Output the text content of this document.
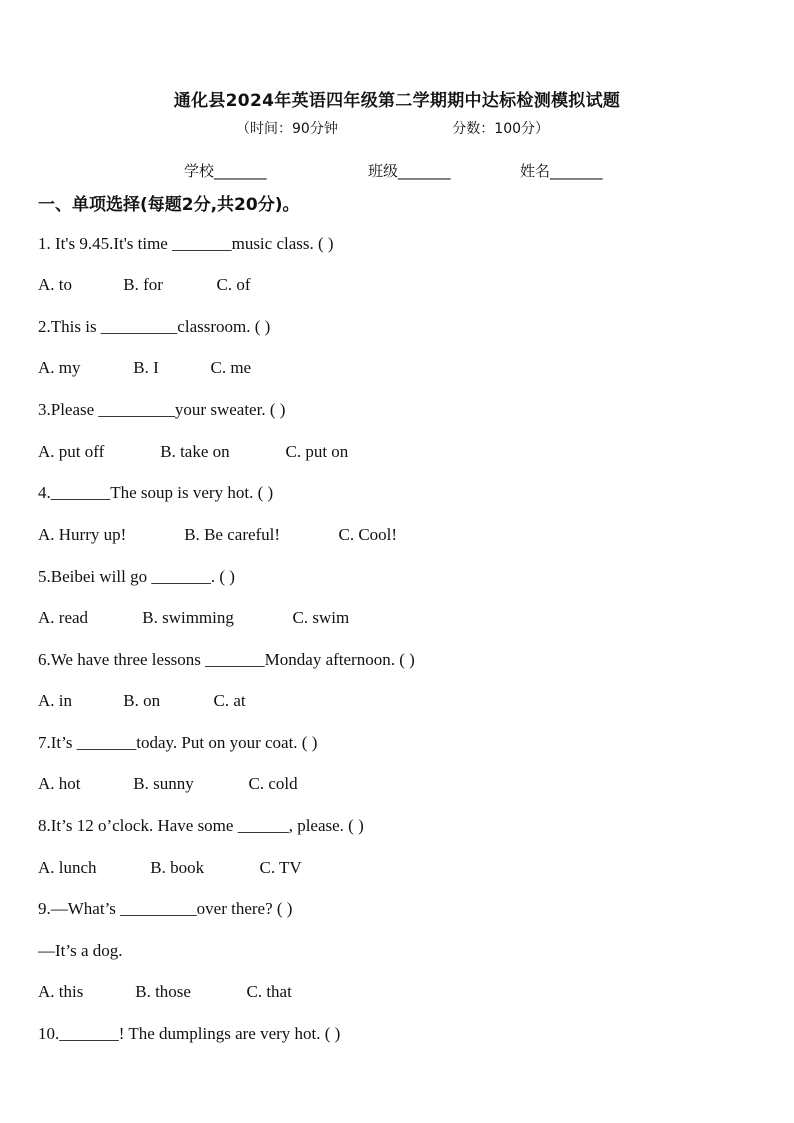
通化县2024年英语四年级第二学期期中达标检测模拟试题
（时间：90分钟	分数：100分）
学校_______	班级_______	姓名_______
一、单项选择(每题2分,共20分)。
1. It's 9.45.It's time _______music class. ( )
A. to	B. for	C. of
2.This is _________classroom. ( )
A. my	B. I	C. me
3.Please _________your sweater. ( )
A. put off	B. take on	C. put on
4._______The soup is very hot. ( )
A. Hurry up!	B. Be careful!	C. Cool!
5.Beibei will go _______. ( )
A. read	B. swimming	C. swim
6.We have three lessons _______Monday afternoon. ( )
A. in	B. on	C. at
7.It’s _______today. Put on your coat. ( )
A. hot	B. sunny	C. cold
8.It’s 12 o’clock. Have some ______, please. ( )
A. lunch	B. book	C. TV
9.—What’s _________over there? ( )
—It’s a dog.
A. this	B. those	C. that
10._______! The dumplings are very hot. ( )
